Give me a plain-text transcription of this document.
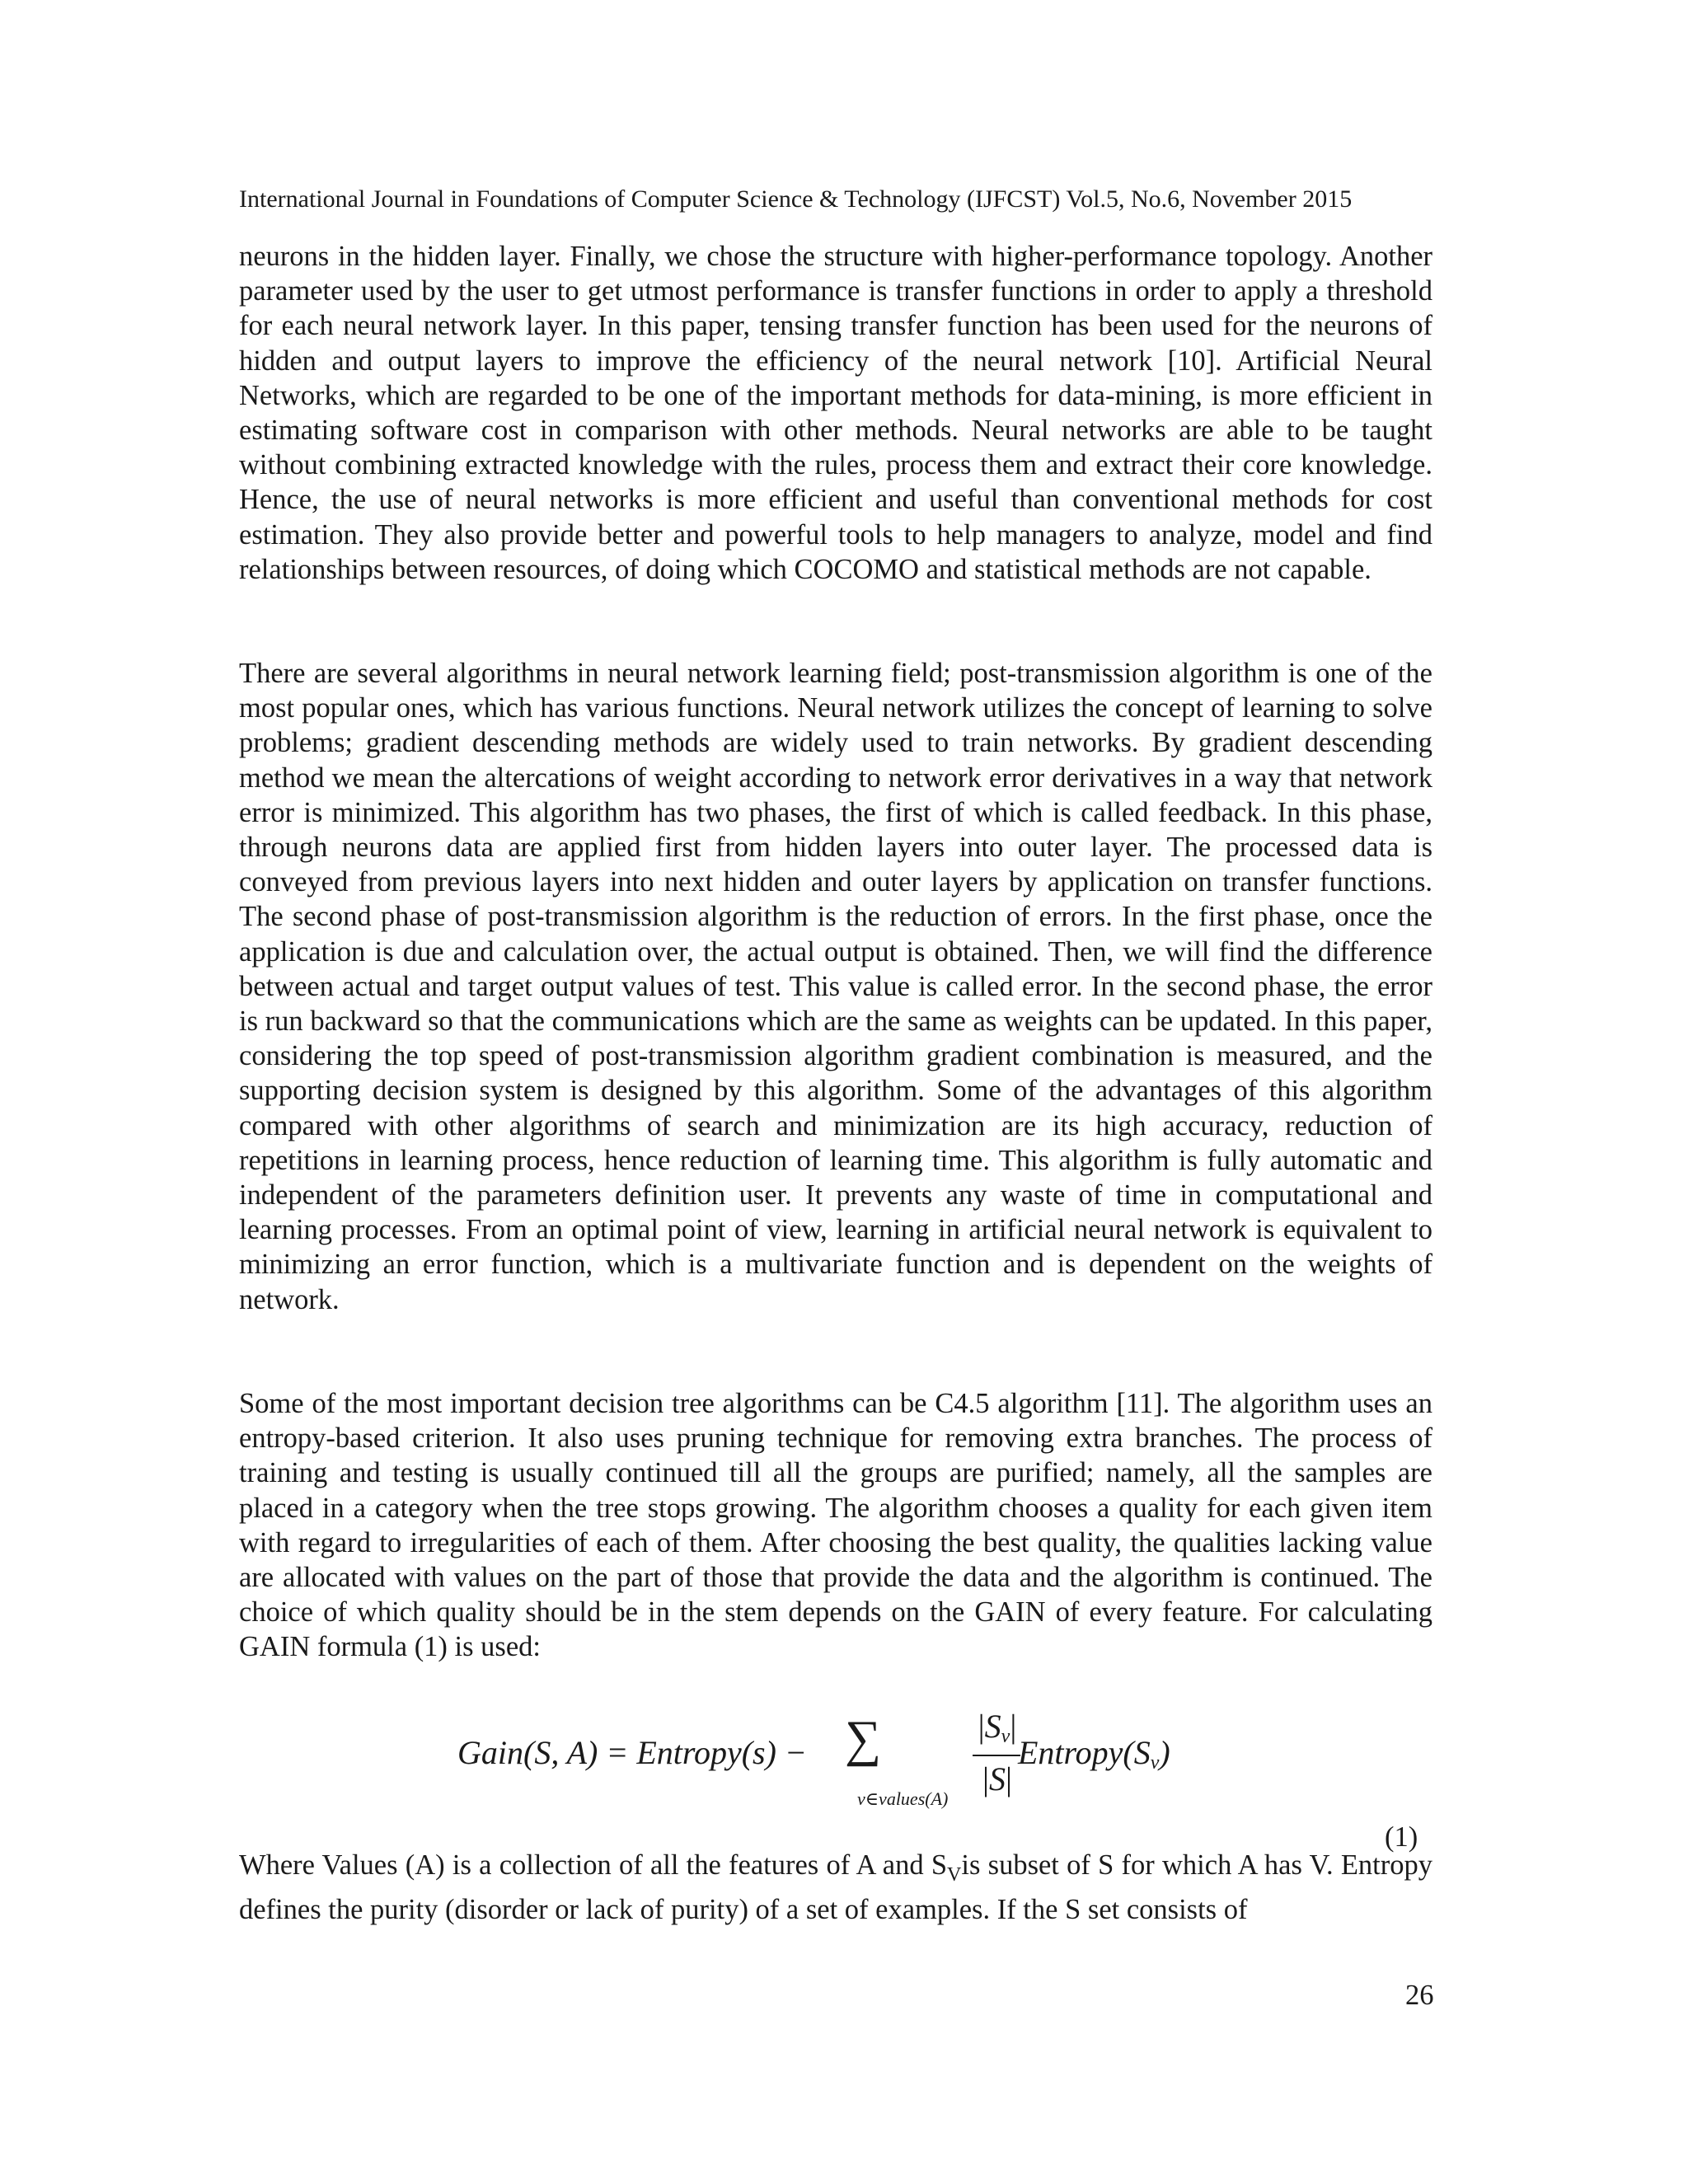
International Journal in Foundations of Computer Science & Technology (IJFCST) Vol.5, No.6, November 2015

neurons in the hidden layer. Finally, we chose the structure with higher-performance topology. Another parameter used by the user to get utmost performance is transfer functions in order to apply a threshold for each neural network layer. In this paper, tensing transfer function has been used for the neurons of hidden and output layers to improve the efficiency of the neural network [10]. Artificial Neural Networks, which are regarded to be one of the important methods for data-mining, is more efficient in estimating software cost in comparison with other methods. Neural networks are able to be taught without combining extracted knowledge with the rules, process them and extract their core knowledge. Hence, the use of neural networks is more efficient and useful than conventional methods for cost estimation. They also provide better and powerful tools to help managers to analyze, model and find relationships between resources, of doing which COCOMO and statistical methods are not capable.

There are several algorithms in neural network learning field; post-transmission algorithm is one of the most popular ones, which has various functions. Neural network utilizes the concept of learning to solve problems; gradient descending methods are widely used to train networks. By gradient descending method we mean the altercations of weight according to network error derivatives in a way that network error is minimized. This algorithm has two phases, the first of which is called feedback. In this phase, through neurons data are applied first from hidden layers into outer layer. The processed data is conveyed from previous layers into next hidden and outer layers by application on transfer functions. The second phase of post-transmission algorithm is the reduction of errors. In the first phase, once the application is due and calculation over, the actual output is obtained. Then, we will find the difference between actual and target output values of test. This value is called error. In the second phase, the error is run backward so that the communications which are the same as weights can be updated. In this paper, considering the top speed of post-transmission algorithm gradient combination is measured, and the supporting decision system is designed by this algorithm. Some of the advantages of this algorithm compared with other algorithms of search and minimization are its high accuracy, reduction of repetitions in learning process, hence reduction of learning time. This algorithm is fully automatic and independent of the parameters definition user. It prevents any waste of time in computational and learning processes. From an optimal point of view, learning in artificial neural network is equivalent to minimizing an error function, which is a multivariate function and is dependent on the weights of network.

Some of the most important decision tree algorithms can be C4.5 algorithm [11]. The algorithm uses an entropy-based criterion. It also uses pruning technique for removing extra branches. The process of training and testing is usually continued till all the groups are purified; namely, all the samples are placed in a category when the tree stops growing. The algorithm chooses a quality for each given item with regard to irregularities of each of them. After choosing the best quality, the qualities lacking value are allocated with values on the part of those that provide the data and the algorithm is continued. The choice of which quality should be in the stem depends on the GAIN of every feature. For calculating GAIN formula (1) is used:

Gain(S, A) = Entropy(s) − ∑
v∈values(A)
$|S_v|$
|S|
$Entropy(S_v)$
(1)

Where Values (A) is a collection of all the features of A and $S_Vis$ subset of S for which A has V. Entropy defines the purity (disorder or lack of purity) of a set of examples. If the S set consists of

26
